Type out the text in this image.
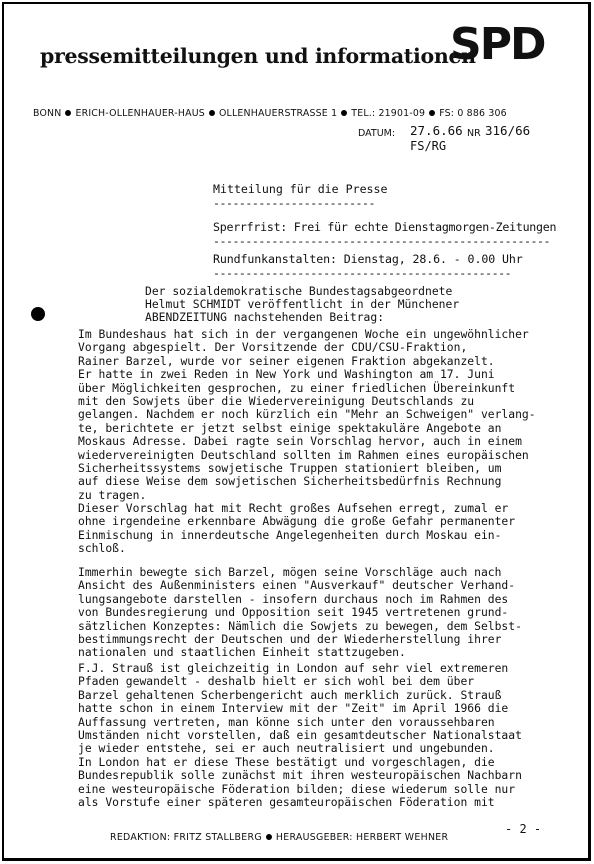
pressemitteilungen und informationen
SPD
BONN ERICH-OLLENHAUER-HAUS OLLENHAUERSTRASSE 1 TEL.: 21901-09 FS: 0 886 306
DATUM: 27.6.66 NR 316/66
FS/RG
Mitteilung für die Presse
-------------------------
Sperrfrist: Frei für echte Dienstagmorgen-Zeitungen
----------------------------------------------------
Rundfunkanstalten: Dienstag, 28.6. - 0.00 Uhr
----------------------------------------------
Der sozialdemokratische Bundestagsabgeordnete
Helmut SCHMIDT veröffentlicht in der Münchener
ABENDZEITUNG nachstehenden Beitrag:
Im Bundeshaus hat sich in der vergangenen Woche ein ungewöhnlicher
Vorgang abgespielt. Der Vorsitzende der CDU/CSU-Fraktion,
Rainer Barzel, wurde vor seiner eigenen Fraktion abgekanzelt.
Er hatte in zwei Reden in New York und Washington am 17. Juni
über Möglichkeiten gesprochen, zu einer friedlichen Übereinkunft
mit den Sowjets über die Wiedervereinigung Deutschlands zu
gelangen. Nachdem er noch kürzlich ein "Mehr an Schweigen" verlang-
te, berichtete er jetzt selbst einige spektakuläre Angebote an
Moskaus Adresse. Dabei ragte sein Vorschlag hervor, auch in einem
wiedervereinigten Deutschland sollten im Rahmen eines europäischen
Sicherheitssystems sowjetische Truppen stationiert bleiben, um
auf diese Weise dem sowjetischen Sicherheitsbedürfnis Rechnung
zu tragen.
Dieser Vorschlag hat mit Recht großes Aufsehen erregt, zumal er
ohne irgendeine erkennbare Abwägung die große Gefahr permanenter
Einmischung in innerdeutsche Angelegenheiten durch Moskau ein-
schloß.
Immerhin bewegte sich Barzel, mögen seine Vorschläge auch nach
Ansicht des Außenministers einen "Ausverkauf" deutscher Verhand-
lungsangebote darstellen - insofern durchaus noch im Rahmen des
von Bundesregierung und Opposition seit 1945 vertretenen grund-
sätzlichen Konzeptes: Nämlich die Sowjets zu bewegen, dem Selbst-
bestimmungsrecht der Deutschen und der Wiederherstellung ihrer
nationalen und staatlichen Einheit stattzugeben.
F.J. Strauß ist gleichzeitig in London auf sehr viel extremeren
Pfaden gewandelt - deshalb hielt er sich wohl bei dem über
Barzel gehaltenen Scherbengericht auch merklich zurück. Strauß
hatte schon in einem Interview mit der "Zeit" im April 1966 die
Auffassung vertreten, man könne sich unter den voraussehbaren
Umständen nicht vorstellen, daß ein gesamtdeutscher Nationalstaat
je wieder entstehe, sei er auch neutralisiert und ungebunden.
In London hat er diese These bestätigt und vorgeschlagen, die
Bundesrepublik solle zunächst mit ihren westeuropäischen Nachbarn
eine westeuropäische Föderation bilden; diese wiederum solle nur
als Vorstufe einer späteren gesamteuropäischen Föderation mit
- 2 -
REDAKTION: FRITZ STALLBERG HERAUSGEBER: HERBERT WEHNER
